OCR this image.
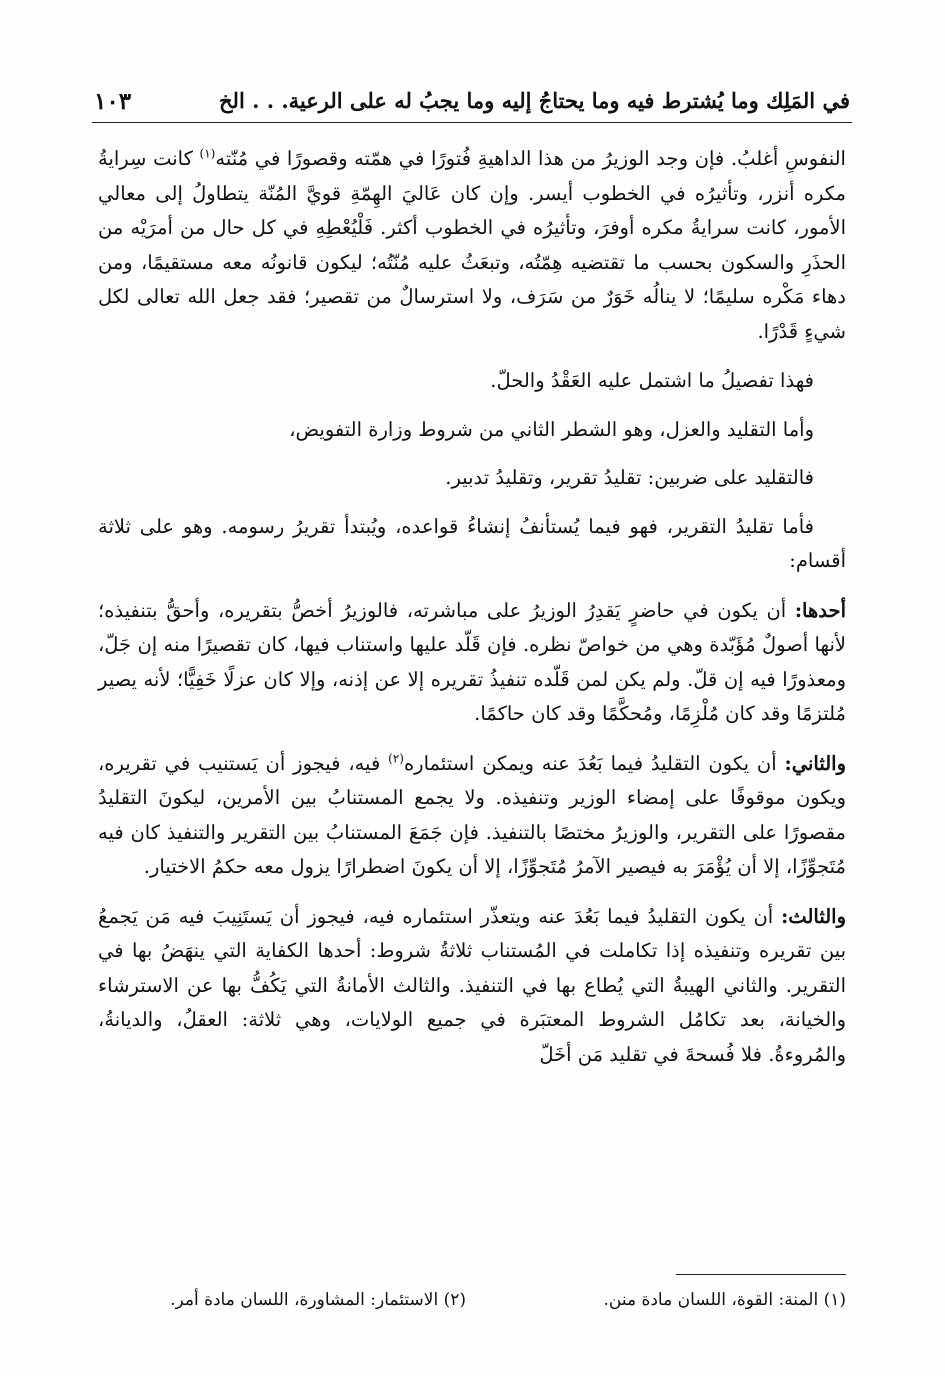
في المَلِك وما يُشترط فيه وما يحتاجُ إليه وما يجبُ له على الرعية. . . الخ
١٠٣

النفوسِ أغلبُ. فإن وجد الوزيرُ من هذا الداهيةِ فُتورًا في همّته وقصورًا في مُنّته$^{(١)}$ كانت سِرايةُ مكره أنزر، وتأثيرُه في الخطوب أيسر. وإن كان عَاليَ الهِمّةِ قويَّ المُنّة يتطاولُ إلى معالي الأمور، كانت سرايةُ مكره أوفرَ، وتأثيرُه في الخطوب أكثر. فَلْيُعْطِهِ في كل حال من أمرَيْه من الحذَرِ والسكون بحسب ما تقتضيه هِمّتُه، وتبعَثُ عليه مُنّتُه؛ ليكون قانونُه معه مستقيمًا، ومن دهاء مَكْره سليمًا؛ لا ينالُه خَوَرٌ من سَرَف، ولا استرسالٌ من تقصير؛ فقد جعل الله تعالى لكل شيءٍ قَدْرًا.

فهذا تفصيلُ ما اشتمل عليه العَقْدُ والحلّ.

وأما التقليد والعزل، وهو الشطر الثاني من شروط وزارة التفويض،

فالتقليد على ضربين: تقليدُ تقرير، وتقليدُ تدبير.

فأما تقليدُ التقرير، فهو فيما يُستأنفُ إنشاءُ قواعده، ويُبتدأ تقريرُ رسومه. وهو على ثلاثة أقسام:

أحدها: أن يكون في حاضرٍ يَقدِرُ الوزيرُ على مباشرته، فالوزيرُ أخصُّ بتقريره، وأحقُّ بتنفيذه؛ لأنها أصولٌ مُؤَبّدة وهي من خواصّ نظره. فإن قَلّد عليها واستناب فيها، كان تقصيرًا منه إن جَلّ، ومعذورًا فيه إن قلّ. ولم يكن لمن قَلّده تنفيذُ تقريره إلا عن إذنه، وإلا كان عزلًا خَفِيًّا؛ لأنه يصير مُلتزمًا وقد كان مُلْزِمًا، ومُحكَّمًا وقد كان حاكمًا.

والثاني: أن يكون التقليدُ فيما بَعُدَ عنه ويمكن استئماره$^{(٢)}$ فيه، فيجوز أن يَستنيب في تقريره، ويكون موقوفًا على إمضاء الوزير وتنفيذه. ولا يجمع المستنابُ بين الأمرين، ليكونَ التقليدُ مقصورًا على التقرير، والوزيرُ مختصًا بالتنفيذ. فإن جَمَعَ المستنابُ بين التقرير والتنفيذ كان فيه مُتَجوِّزًا، إلا أن يُؤْمَرَ به فيصير الآمرُ مُتَجوِّزًا، إلا أن يكونَ اضطرارًا يزول معه حكمُ الاختيار.

والثالث: أن يكون التقليدُ فيما بَعُدَ عنه ويتعذّر استئماره فيه، فيجوز أن يَستَنِيبَ فيه مَن يَجمعُ بين تقريره وتنفيذه إذا تكاملت في المُستناب ثلاثةُ شروط: أحدها الكفاية التي ينهَضُ بها في التقرير. والثاني الهيبةُ التي يُطاع بها في التنفيذ. والثالث الأمانةُ التي يَكُفُّ بها عن الاسترشاء والخيانة، بعد تكامُل الشروط المعتبَرة في جميع الولايات، وهي ثلاثة: العقلُ، والديانةُ، والمُروءةُ. فلا فُسحةَ في تقليد مَن أخَلّ

(١) المنة: القوة، اللسان مادة منن.
(٢) الاستئمار: المشاورة، اللسان مادة أمر.
